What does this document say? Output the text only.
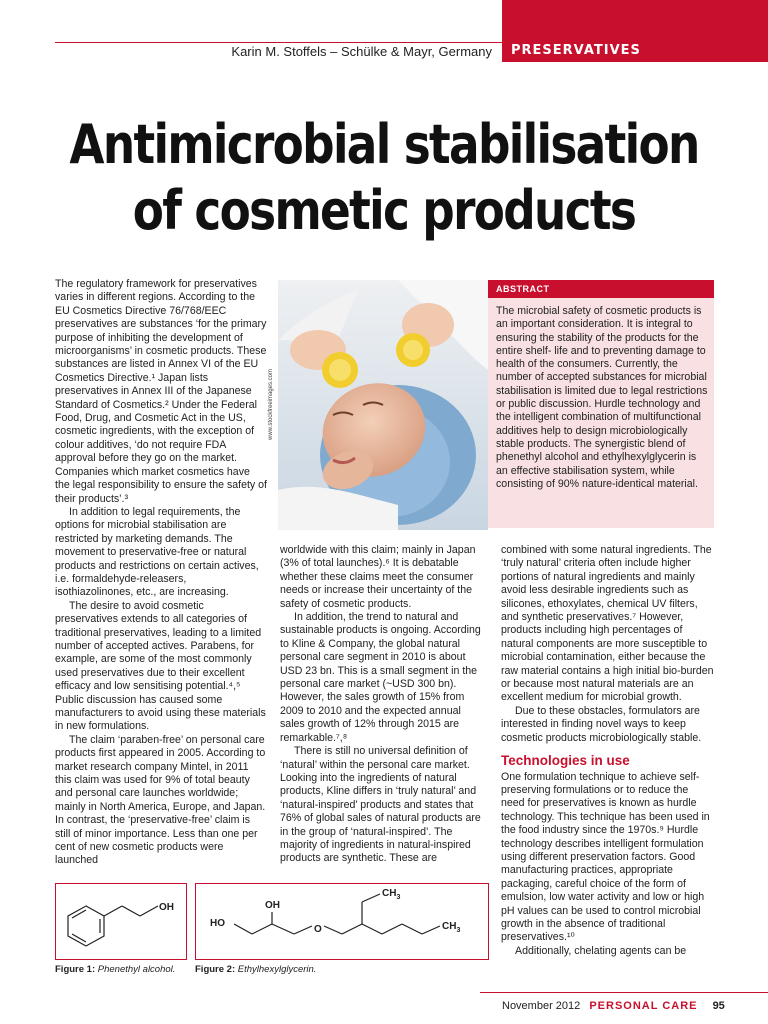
PRESERVATIVES
Karin M. Stoffels – Schülke & Mayr, Germany
Antimicrobial stabilisation
of cosmetic products

The regulatory framework for preservatives varies in different regions. According to the EU Cosmetics Directive 76/768/EEC preservatives are substances ‘for the primary purpose of inhibiting the development of microorganisms’ in cosmetic products. These substances are listed in Annex VI of the EU Cosmetics Directive.¹ Japan lists preservatives in Annex III of the Japanese Standard of Cosmetics.² Under the Federal Food, Drug, and Cosmetic Act in the US, cosmetic ingredients, with the exception of colour additives, ‘do not require FDA approval before they go on the market. Companies which market cosmetics have the legal responsibility to ensure the safety of their products’.³

In addition to legal requirements, the options for microbial stabilisation are restricted by marketing demands. The movement to preservative-free or natural products and restrictions on certain actives, i.e. formaldehyde-releasers, isothiazolinones, etc., are increasing.

The desire to avoid cosmetic preservatives extends to all categories of traditional preservatives, leading to a limited number of accepted actives. Parabens, for example, are some of the most commonly used preservatives due to their excellent efficacy and low sensitising potential.⁴,⁵ Public discussion has caused some manufacturers to avoid using these materials in new formulations.

The claim ‘paraben-free’ on personal care products first appeared in 2005. According to market research company Mintel, in 2011 this claim was used for 9% of total beauty and personal care launches worldwide; mainly in North America, Europe, and Japan. In contrast, the ‘preservative-free’ claim is still of minor importance. Less than one per cent of new cosmetic products were launched

www.stockfreeimages.com
ABSTRACT

The microbial safety of cosmetic products is an important consideration. It is integral to ensuring the stability of the products for the entire shelf- life and to preventing damage to health of the consumers. Currently, the number of accepted substances for microbial stabilisation is limited due to legal restrictions or public discussion. Hurdle technology and the intelligent combination of multifunctional additives help to design microbiologically stable products. The synergistic blend of phenethyl alcohol and ethylhexylglycerin is an effective stabilisation system, while consisting of 90% nature-identical material.

worldwide with this claim; mainly in Japan (3% of total launches).⁶ It is debatable whether these claims meet the consumer needs or increase their uncertainty of the safety of cosmetic products.

In addition, the trend to natural and sustainable products is ongoing. According to Kline & Company, the global natural personal care segment in 2010 is about USD 23 bn. This is a small segment in the personal care market (~USD 300 bn). However, the sales growth of 15% from 2009 to 2010 and the expected annual sales growth of 12% through 2015 are remarkable.⁷,⁸

There is still no universal definition of ‘natural’ within the personal care market. Looking into the ingredients of natural products, Kline differs in ‘truly natural’ and ‘natural-inspired’ products and states that 76% of global sales of natural products are in the group of ‘natural-inspired’. The majority of ingredients in natural-inspired products are synthetic. These are

combined with some natural ingredients. The ‘truly natural’ criteria often include higher portions of natural ingredients and mainly avoid less desirable ingredients such as silicones, ethoxylates, chemical UV filters, and synthetic preservatives.⁷ However, products including high percentages of natural components are more susceptible to microbial contamination, either because the raw material contains a high initial bio-burden or because most natural materials are an excellent medium for microbial growth.

Due to these obstacles, formulators are interested in finding novel ways to keep cosmetic products microbiologically stable.

Technologies in use

One formulation technique to achieve self-preserving formulations or to reduce the need for preservatives is known as hurdle technology. This technique has been used in the food industry since the 1970s.⁹ Hurdle technology describes intelligent formulation using different preservation factors. Good manufacturing practices, appropriate packaging, careful choice of the form of emulsion, low water activity and low or high pH values can be used to control microbial growth in the absence of traditional preservatives.¹⁰

Additionally, chelating agents can be

OH
Figure 1: Phenethyl alcohol.
HO
OH
O
$CH_3$
$CH_3$
Figure 2: Ethylhexylglycerin.
November 2012 PERSONAL CARE 95
